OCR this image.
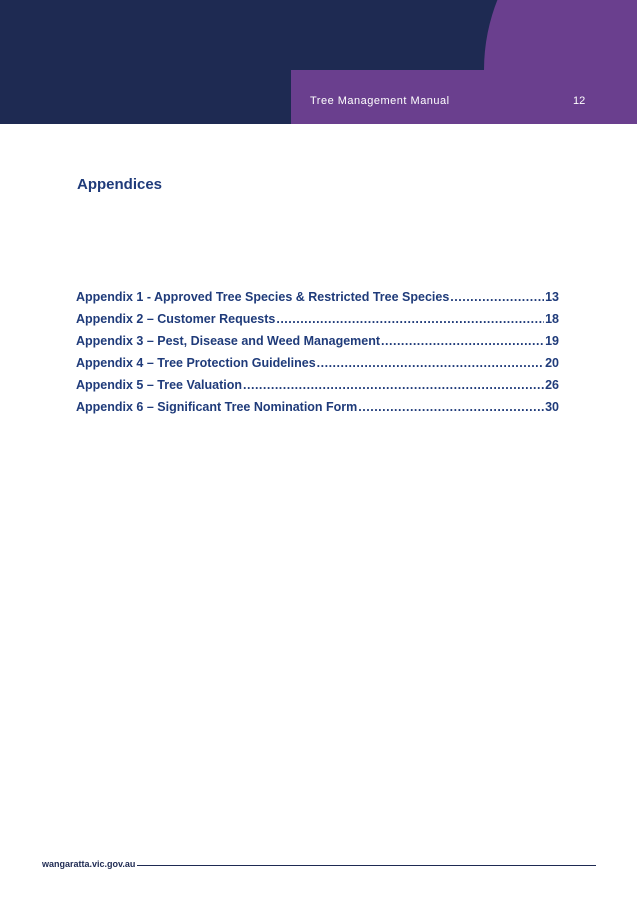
Tree Management Manual	12
Appendices
Appendix 1 - Approved Tree Species & Restricted Tree Species .....	13
Appendix 2 – Customer Requests .....	18
Appendix 3 – Pest, Disease and Weed Management .....	19
Appendix 4 – Tree Protection Guidelines .....	20
Appendix 5 – Tree Valuation .....	26
Appendix 6 – Significant Tree Nomination Form .....	30
wangaratta.vic.gov.au
